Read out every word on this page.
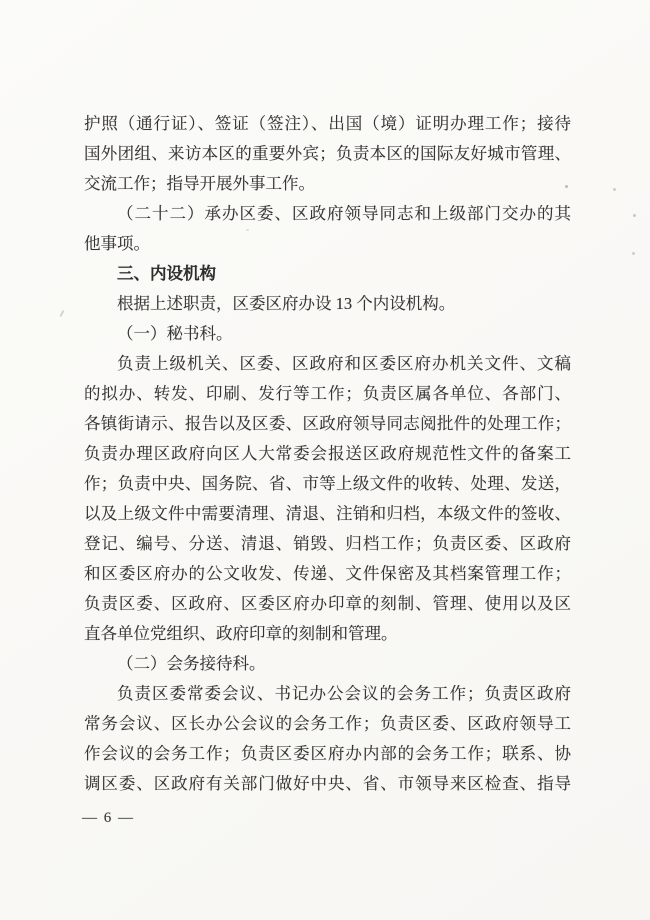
护照（通行证）、签证（签注）、出国（境）证明办理工作；接待
国外团组、来访本区的重要外宾；负责本区的国际友好城市管理、
交流工作；指导开展外事工作。
（二十二）承办区委、区政府领导同志和上级部门交办的其
他事项。
三、内设机构
根据上述职责，区委区府办设 13 个内设机构。
（一）秘书科。
负责上级机关、区委、区政府和区委区府办机关文件、文稿
的拟办、转发、印刷、发行等工作；负责区属各单位、各部门、
各镇街请示、报告以及区委、区政府领导同志阅批件的处理工作；
负责办理区政府向区人大常委会报送区政府规范性文件的备案工
作；负责中央、国务院、省、市等上级文件的收转、处理、发送，
以及上级文件中需要清理、清退、注销和归档，本级文件的签收、
登记、编号、分送、清退、销毁、归档工作；负责区委、区政府
和区委区府办的公文收发、传递、文件保密及其档案管理工作；
负责区委、区政府、区委区府办印章的刻制、管理、使用以及区
直各单位党组织、政府印章的刻制和管理。
（二）会务接待科。
负责区委常委会议、书记办公会议的会务工作；负责区政府
常务会议、区长办公会议的会务工作；负责区委、区政府领导工
作会议的会务工作；负责区委区府办内部的会务工作；联系、协
调区委、区政府有关部门做好中央、省、市领导来区检查、指导
— 6 —
